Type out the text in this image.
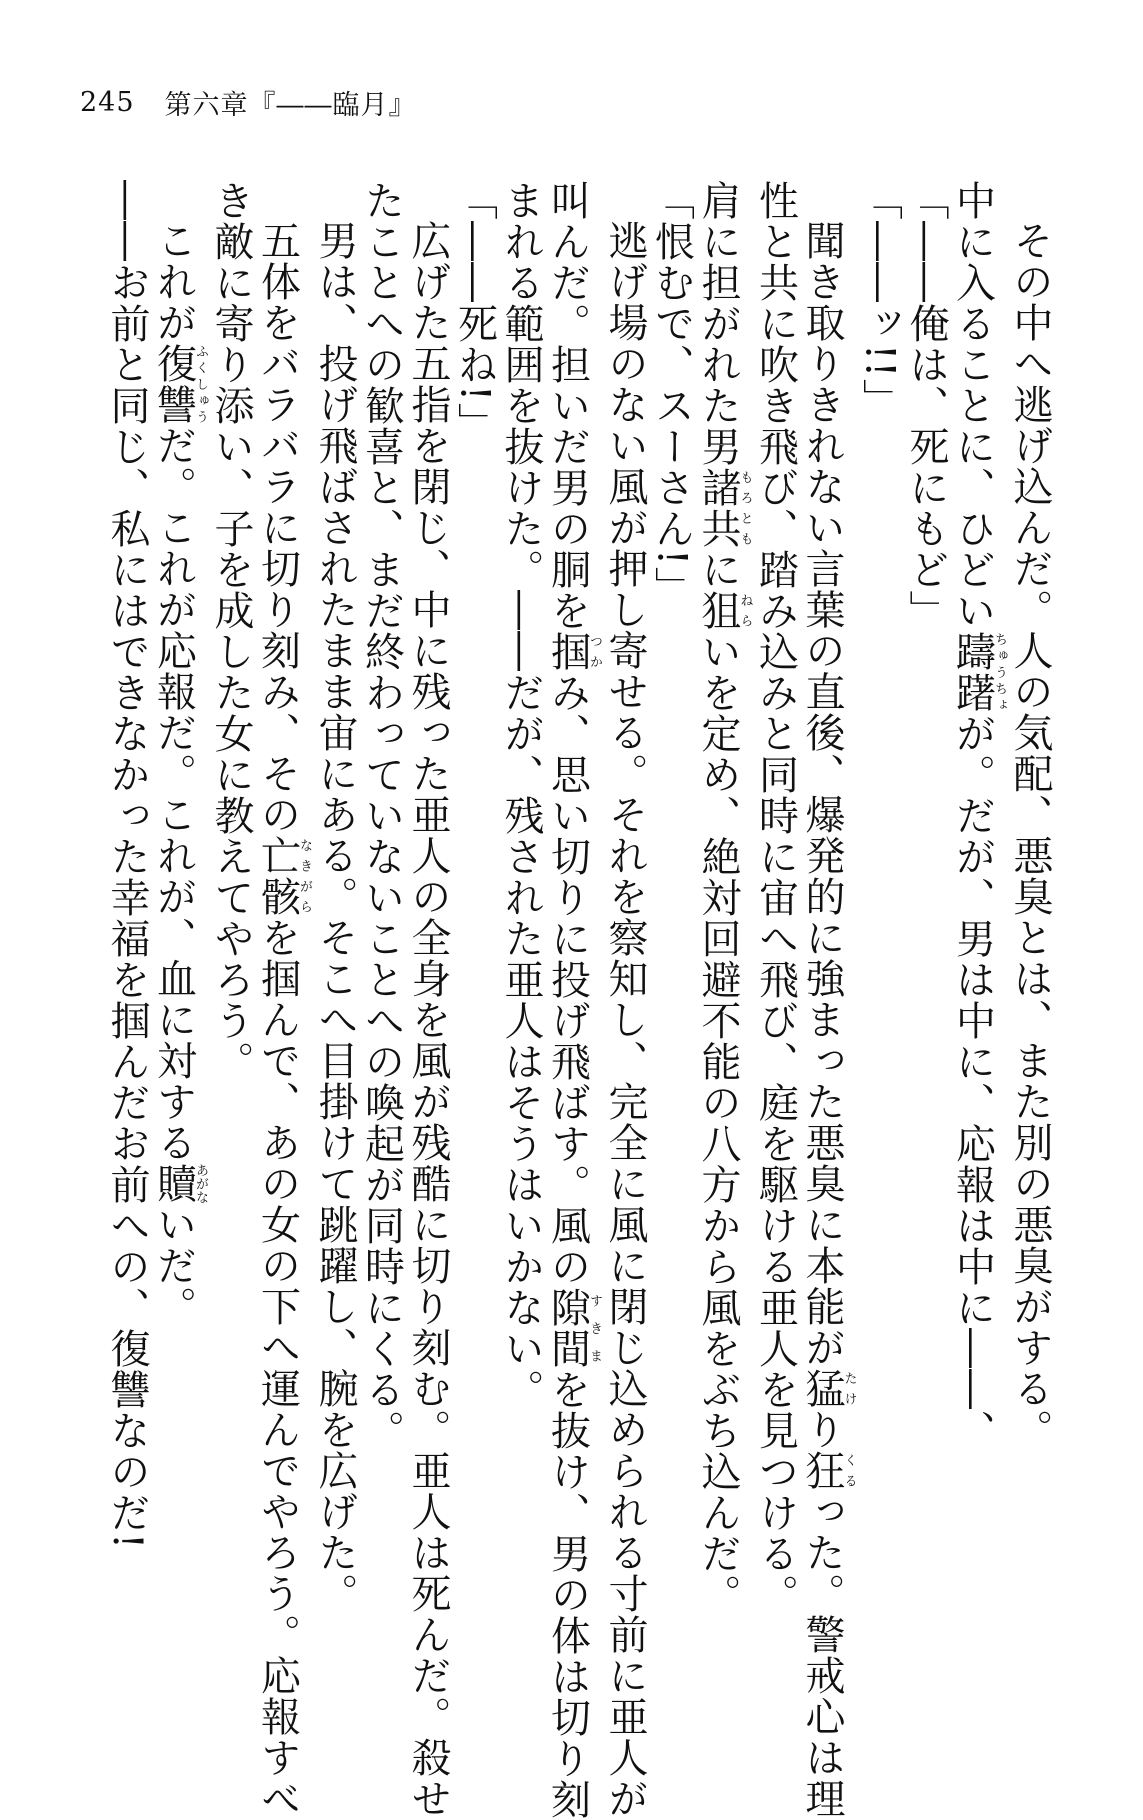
245 第六章『――臨月』

その中へ逃げ込んだ。人の気配、悪臭とは、また別の悪臭がする。

中に入ることに、ひどい躊躇ちゅうちょが。だが、男は中に、応報は中に――、

「――俺は、死にもど」

「――ッ!!」

聞き取りきれない言葉の直後、爆発的に強まった悪臭に本能が猛たけり狂くるった。警戒心は理

性と共に吹き飛び、踏み込みと同時に宙へ飛び、庭を駆ける亜人を見つける。

肩に担がれた男諸共もろともに狙ねらいを定め、絶対回避不能の八方から風をぶち込んだ。

「恨むで、スーさん!」

逃げ場のない風が押し寄せる。それを察知し、完全に風に閉じ込められる寸前に亜人が

叫んだ。担いだ男の胴を掴つかみ、思い切りに投げ飛ばす。風の隙間すきまを抜け、男の体は切り刻

まれる範囲を抜けた。――だが、残された亜人はそうはいかない。

「――死ね!」

広げた五指を閉じ、中に残った亜人の全身を風が残酷に切り刻む。亜人は死んだ。殺せ

たことへの歓喜と、まだ終わっていないことへの喚起が同時にくる。

男は、投げ飛ばされたまま宙にある。そこへ目掛けて跳躍し、腕を広げた。

五体をバラバラに切り刻み、その亡骸なきがらを掴んで、あの女の下へ運んでやろう。応報すべ

き敵に寄り添い、子を成した女に教えてやろう。

これが復讐ふくしゅうだ。これが応報だ。これが、血に対する贖あがないだ。

――お前と同じ、私にはできなかった幸福を掴んだお前への、復讐なのだ!
